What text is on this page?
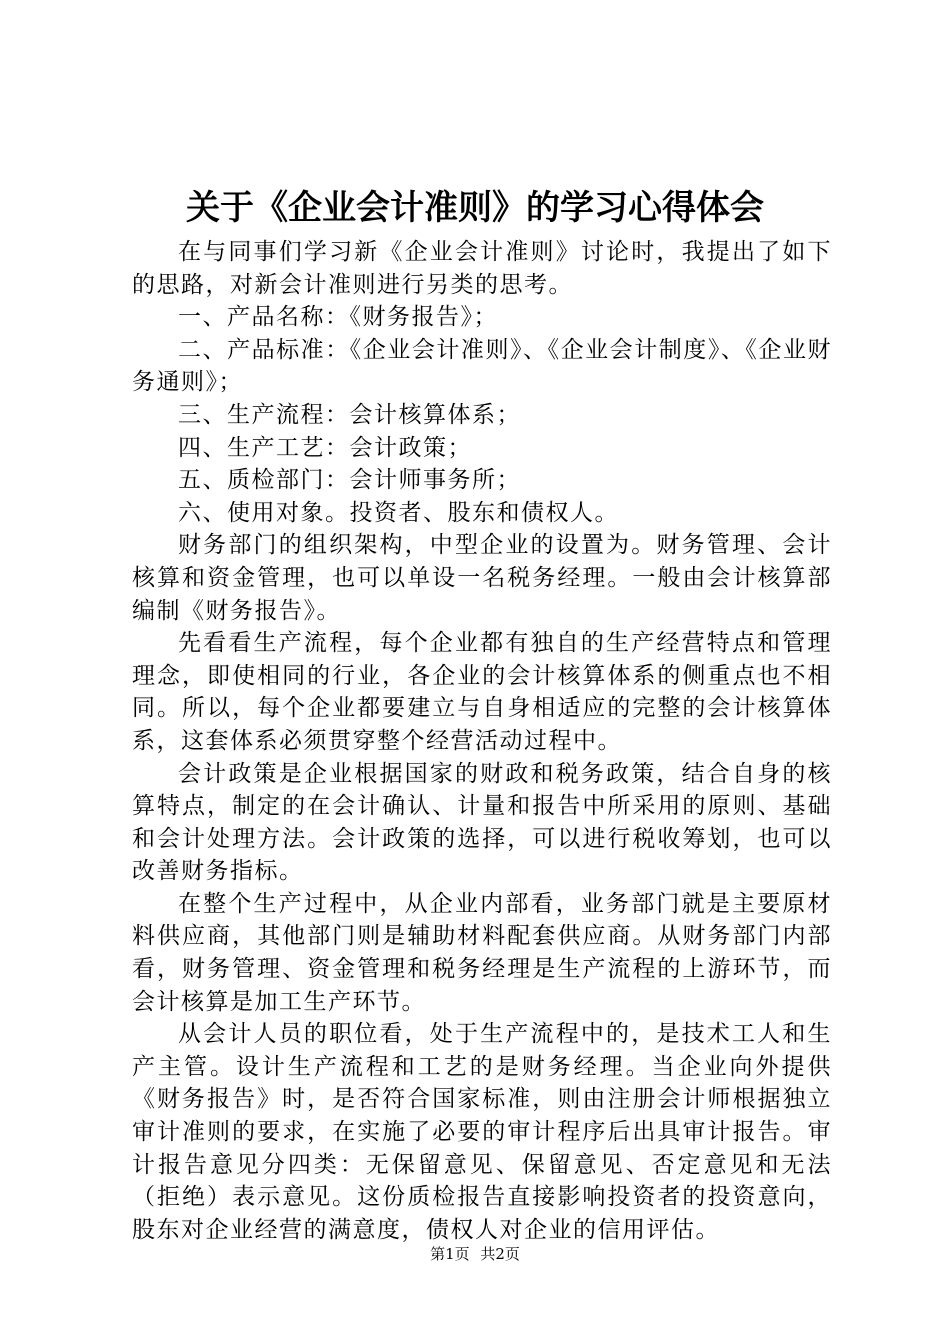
关于《企业会计准则》的学习心得体会

在与同事们学习新《企业会计准则》讨论时，我提出了如下的思路，对新会计准则进行另类的思考。

一、产品名称：《财务报告》；

二、产品标准：《企业会计准则》、《企业会计制度》、《企业财务通则》；

三、生产流程：会计核算体系；

四、生产工艺：会计政策；

五、质检部门：会计师事务所；

六、使用对象。投资者、股东和债权人。

财务部门的组织架构，中型企业的设置为。财务管理、会计核算和资金管理，也可以单设一名税务经理。一般由会计核算部编制《财务报告》。

先看看生产流程，每个企业都有独自的生产经营特点和管理理念，即使相同的行业，各企业的会计核算体系的侧重点也不相同。所以，每个企业都要建立与自身相适应的完整的会计核算体系，这套体系必须贯穿整个经营活动过程中。

会计政策是企业根据国家的财政和税务政策，结合自身的核算特点，制定的在会计确认、计量和报告中所采用的原则、基础和会计处理方法。会计政策的选择，可以进行税收筹划，也可以改善财务指标。

在整个生产过程中，从企业内部看，业务部门就是主要原材料供应商，其他部门则是辅助材料配套供应商。从财务部门内部看，财务管理、资金管理和税务经理是生产流程的上游环节，而会计核算是加工生产环节。

从会计人员的职位看，处于生产流程中的，是技术工人和生产主管。设计生产流程和工艺的是财务经理。当企业向外提供《财务报告》时，是否符合国家标准，则由注册会计师根据独立审计准则的要求，在实施了必要的审计程序后出具审计报告。审计报告意见分四类：无保留意见、保留意见、否定意见和无法（拒绝）表示意见。这份质检报告直接影响投资者的投资意向，股东对企业经营的满意度，债权人对企业的信用评估。

第1页 共2页
